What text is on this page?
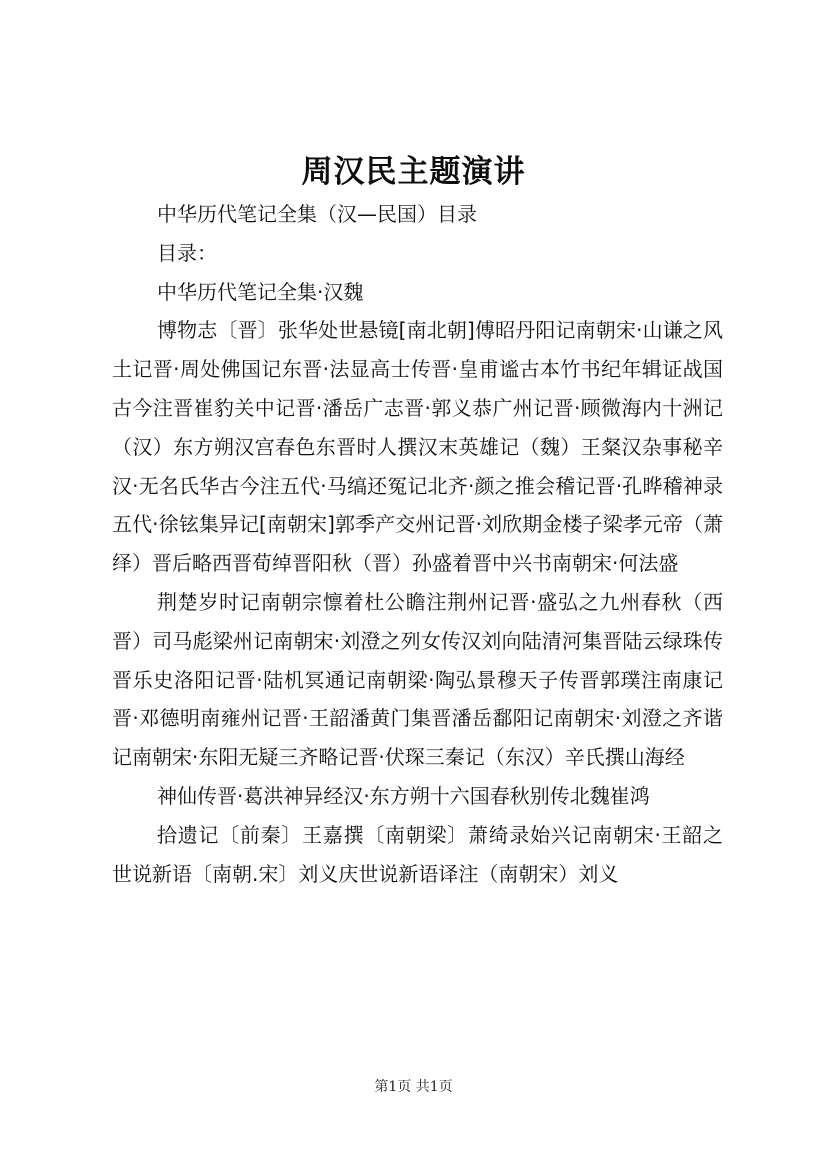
周汉民主题演讲

中华历代笔记全集（汉—民国）目录

目录：

中华历代笔记全集·汉魏

博物志〔晋〕张华处世悬镜[南北朝]傅昭丹阳记南朝宋·山谦之风土记晋·周处佛国记东晋·法显高士传晋·皇甫谧古本竹书纪年辑证战国古今注晋崔豹关中记晋·潘岳广志晋·郭义恭广州记晋·顾微海内十洲记（汉）东方朔汉宫春色东晋时人撰汉末英雄记（魏）王粲汉杂事秘辛汉·无名氏华古今注五代·马缟还冤记北齐·颜之推会稽记晋·孔晔稽神录五代·徐铉集异记[南朝宋]郭季产交州记晋·刘欣期金楼子梁孝元帝（萧绎）晋后略西晋荀绰晋阳秋（晋）孙盛着晋中兴书南朝宋·何法盛

荆楚岁时记南朝宗懔着杜公瞻注荆州记晋·盛弘之九州春秋（西晋）司马彪梁州记南朝宋·刘澄之列女传汉刘向陆清河集晋陆云绿珠传晋乐史洛阳记晋·陆机冥通记南朝梁·陶弘景穆天子传晋郭璞注南康记晋·邓德明南雍州记晋·王韶潘黄门集晋潘岳鄱阳记南朝宋·刘澄之齐谐记南朝宋·东阳无疑三齐略记晋·伏琛三秦记（东汉）辛氏撰山海经

神仙传晋·葛洪神异经汉·东方朔十六国春秋别传北魏崔鸿

拾遗记〔前秦〕王嘉撰〔南朝梁〕萧绮录始兴记南朝宋·王韶之世说新语〔南朝.宋〕刘义庆世说新语译注（南朝宋）刘义

第1页 共1页
